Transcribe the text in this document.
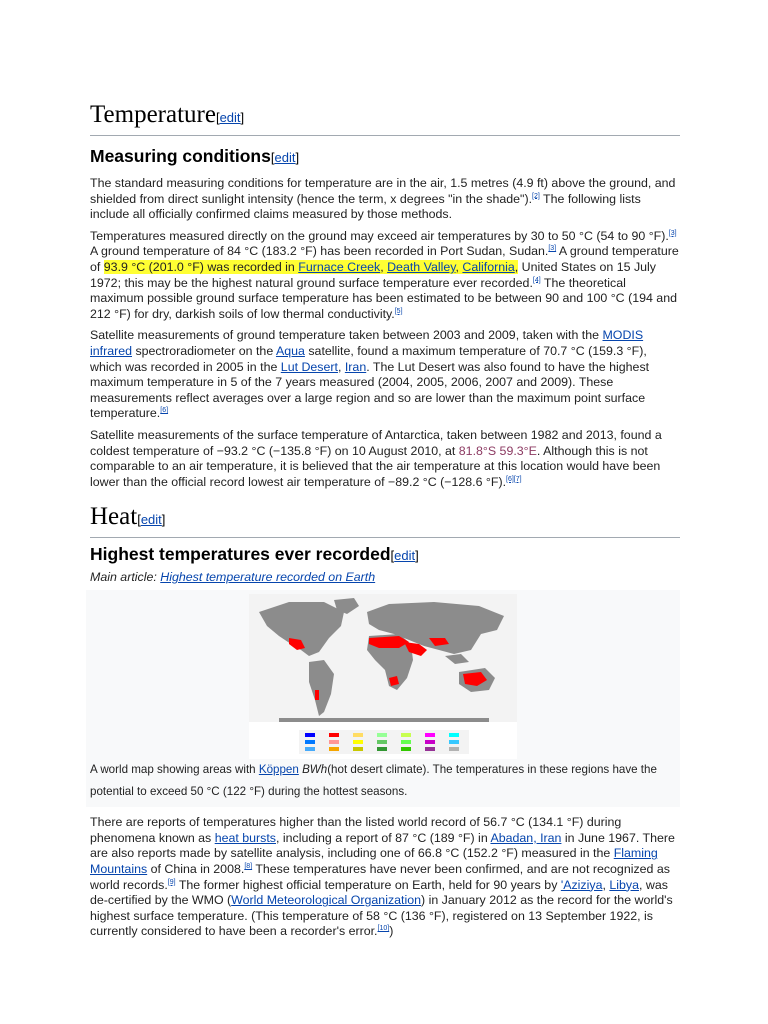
Temperature[edit]
Measuring conditions[edit]

The standard measuring conditions for temperature are in the air, 1.5 metres (4.9 ft) above the ground, and shielded from direct sunlight intensity (hence the term, x degrees "in the shade").[2] The following lists include all officially confirmed claims measured by those methods.

Temperatures measured directly on the ground may exceed air temperatures by 30 to 50 °C (54 to 90 °F).[3] A ground temperature of 84 °C (183.2 °F) has been recorded in Port Sudan, Sudan.[3] A ground temperature of 93.9 °C (201.0 °F) was recorded in Furnace Creek, Death Valley, California, United States on 15 July 1972; this may be the highest natural ground surface temperature ever recorded.[4] The theoretical maximum possible ground surface temperature has been estimated to be between 90 and 100 °C (194 and 212 °F) for dry, darkish soils of low thermal conductivity.[5]

Satellite measurements of ground temperature taken between 2003 and 2009, taken with the MODIS infrared spectroradiometer on the Aqua satellite, found a maximum temperature of 70.7 °C (159.3 °F), which was recorded in 2005 in the Lut Desert, Iran. The Lut Desert was also found to have the highest maximum temperature in 5 of the 7 years measured (2004, 2005, 2006, 2007 and 2009). These measurements reflect averages over a large region and so are lower than the maximum point surface temperature.[6]

Satellite measurements of the surface temperature of Antarctica, taken between 1982 and 2013, found a coldest temperature of −93.2 °C (−135.8 °F) on 10 August 2010, at 81.8°S 59.3°E. Although this is not comparable to an air temperature, it is believed that the air temperature at this location would have been lower than the official record lowest air temperature of −89.2 °C (−128.6 °F).[6][7]

Heat[edit]
Highest temperatures ever recorded[edit]
Main article: Highest temperature recorded on Earth
A world map showing areas with Köppen BWh(hot desert climate). The temperatures in these regions have the potential to exceed 50 °C (122 °F) during the hottest seasons.

There are reports of temperatures higher than the listed world record of 56.7 °C (134.1 °F) during phenomena known as heat bursts, including a report of 87 °C (189 °F) in Abadan, Iran in June 1967. There are also reports made by satellite analysis, including one of 66.8 °C (152.2 °F) measured in the Flaming Mountains of China in 2008.[8] These temperatures have never been confirmed, and are not recognized as world records.[9] The former highest official temperature on Earth, held for 90 years by 'Aziziya, Libya, was de-certified by the WMO (World Meteorological Organization) in January 2012 as the record for the world's highest surface temperature. (This temperature of 58 °C (136 °F), registered on 13 September 1922, is currently considered to have been a recorder's error.[10])
